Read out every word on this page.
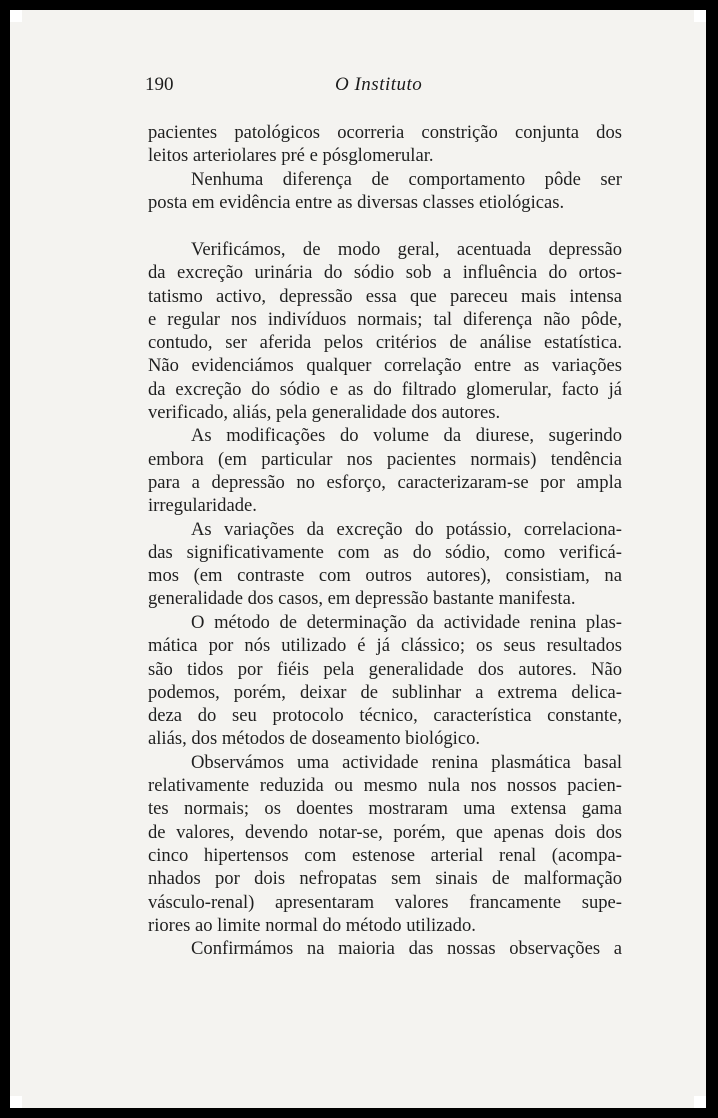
190	O Instituto
pacientes patológicos ocorreria constrição conjunta dos
leitos arteriolares pré e pósglomerular.
Nenhuma diferença de comportamento pôde ser
posta em evidência entre as diversas classes etiológicas.
Verificámos, de modo geral, acentuada depressão
da excreção urinária do sódio sob a influência do ortos-
tatismo activo, depressão essa que pareceu mais intensa
e regular nos indivíduos normais; tal diferença não pôde,
contudo, ser aferida pelos critérios de análise estatística.
Não evidenciámos qualquer correlação entre as variações
da excreção do sódio e as do filtrado glomerular, facto já
verificado, aliás, pela generalidade dos autores.
As modificações do volume da diurese, sugerindo
embora (em particular nos pacientes normais) tendência
para a depressão no esforço, caracterizaram-se por ampla
irregularidade.
As variações da excreção do potássio, correlaciona-
das significativamente com as do sódio, como verificá-
mos (em contraste com outros autores), consistiam, na
generalidade dos casos, em depressão bastante manifesta.
O método de determinação da actividade renina plas-
mática por nós utilizado é já clássico; os seus resultados
são tidos por fiéis pela generalidade dos autores. Não
podemos, porém, deixar de sublinhar a extrema delica-
deza do seu protocolo técnico, característica constante,
aliás, dos métodos de doseamento biológico.
Observámos uma actividade renina plasmática basal
relativamente reduzida ou mesmo nula nos nossos pacien-
tes normais; os doentes mostraram uma extensa gama
de valores, devendo notar-se, porém, que apenas dois dos
cinco hipertensos com estenose arterial renal (acompa-
nhados por dois nefropatas sem sinais de malformação
vásculo-renal) apresentaram valores francamente supe-
riores ao limite normal do método utilizado.
Confirmámos na maioria das nossas observações a
